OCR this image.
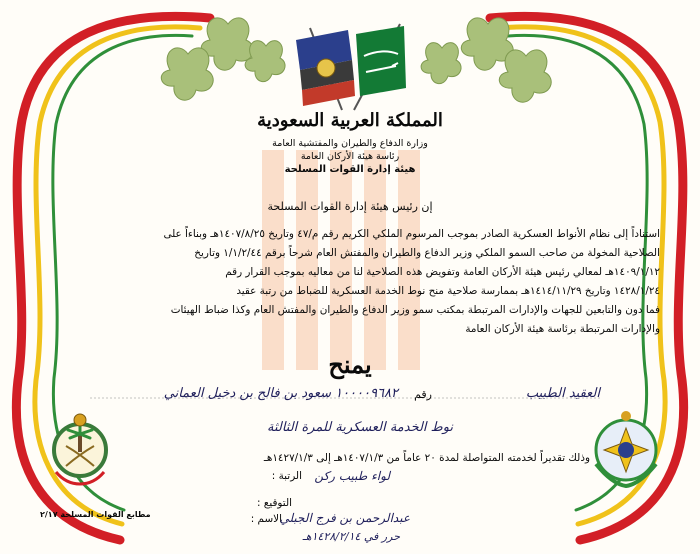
المملكة العربية السعودية
وزارة الدفاع والطيران والمفتشية العامة
رئاسة هيئة الأركان العامة
هيئة إدارة القوات المسلحة
إن رئيس هيئة إدارة القوات المسلحة
استناداً إلى نظام الأنواط العسكرية الصادر بموجب المرسوم الملكي الكريم رقم م/٤٧ وتاريخ ١٤٠٧/٨/٢٥هـ وبناءاً على
الصلاحية المخولة من صاحب السمو الملكي وزير الدفاع والطيران والمفتش العام شرحاً برقم ١/١/٢/٤٤ وتاريخ
١٤٠٩/١/١٢هـ لمعالي رئيس هيئة الأركان العامة وتفويض هذه الصلاحية لنا من معاليه بموجب القرار رقم
١٤٢٨/١/٢٤ وتاريخ ١٤١٤/١١/٢٩هـ بممارسة صلاحية منح نوط الخدمة العسكرية للضباط من رتبة عقيد
فما دون والتابعين للجهات والإدارات المرتبطة بمكتب سمو وزير الدفاع والطيران والمفتش العام وكذا ضباط الهيئات
والإدارات المرتبطة برئاسة هيئة الأركان العامة
يمنح
العقيد الطبيب
رقم
١٠٠٠٠٩٦٨٢ سعود بن فالح بن دخيل العماني
نوط الخدمة العسكرية للمرة الثالثة
وذلك تقديراً لخدمته المتواصلة لمدة ٢٠ عاماً من ١٤٠٧/١/٣هـ إلى ١٤٢٧/١/٣هـ
الرتبة : لواء طبيب ركن
التوقيع :
الاسم :
عبدالرحمن بن فرج الجبلي
حرر في ١٤٢٨/٢/١٤هـ
مطابع القوات المسلحة ٢/١٧
